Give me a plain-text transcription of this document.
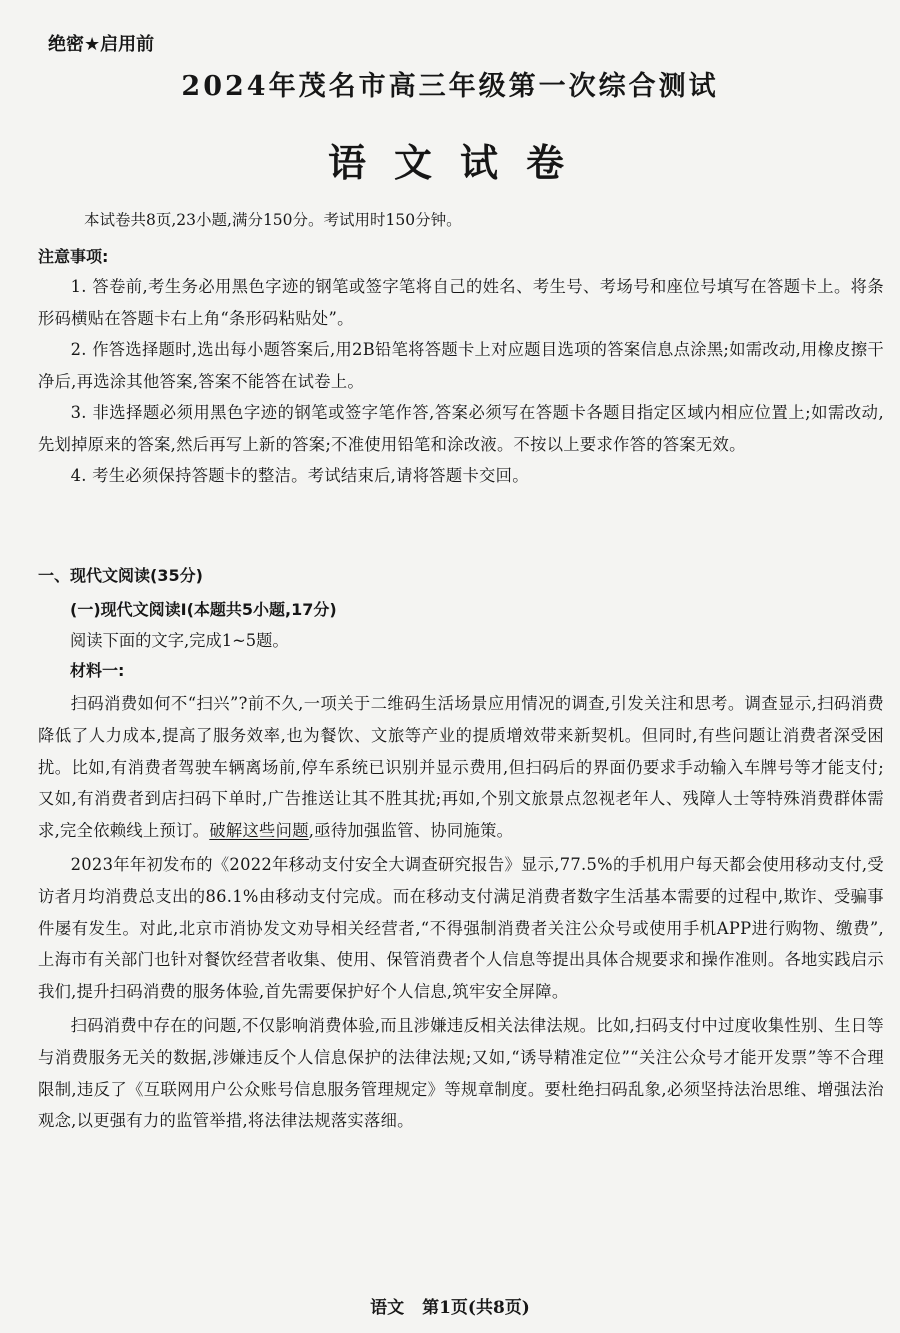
绝密★启用前
2024年茂名市高三年级第一次综合测试
语文试卷
本试卷共8页,23小题,满分150分。考试用时150分钟。
注意事项:

1. 答卷前,考生务必用黑色字迹的钢笔或签字笔将自己的姓名、考生号、考场号和座位号填写在答题卡上。将条形码横贴在答题卡右上角“条形码粘贴处”。

2. 作答选择题时,选出每小题答案后,用2B铅笔将答题卡上对应题目选项的答案信息点涂黑;如需改动,用橡皮擦干净后,再选涂其他答案,答案不能答在试卷上。

3. 非选择题必须用黑色字迹的钢笔或签字笔作答,答案必须写在答题卡各题目指定区域内相应位置上;如需改动,先划掉原来的答案,然后再写上新的答案;不准使用铅笔和涂改液。不按以上要求作答的答案无效。

4. 考生必须保持答题卡的整洁。考试结束后,请将答题卡交回。

一、现代文阅读(35分)
(一)现代文阅读Ⅰ(本题共5小题,17分)
阅读下面的文字,完成1~5题。
材料一:

扫码消费如何不“扫兴”?前不久,一项关于二维码生活场景应用情况的调查,引发关注和思考。调查显示,扫码消费降低了人力成本,提高了服务效率,也为餐饮、文旅等产业的提质增效带来新契机。但同时,有些问题让消费者深受困扰。比如,有消费者驾驶车辆离场前,停车系统已识别并显示费用,但扫码后的界面仍要求手动输入车牌号等才能支付;又如,有消费者到店扫码下单时,广告推送让其不胜其扰;再如,个别文旅景点忽视老年人、残障人士等特殊消费群体需求,完全依赖线上预订。破解这些问题,亟待加强监管、协同施策。

2023年年初发布的《2022年移动支付安全大调查研究报告》显示,77.5%的手机用户每天都会使用移动支付,受访者月均消费总支出的86.1%由移动支付完成。而在移动支付满足消费者数字生活基本需要的过程中,欺诈、受骗事件屡有发生。对此,北京市消协发文劝导相关经营者,“不得强制消费者关注公众号或使用手机APP进行购物、缴费”,上海市有关部门也针对餐饮经营者收集、使用、保管消费者个人信息等提出具体合规要求和操作准则。各地实践启示我们,提升扫码消费的服务体验,首先需要保护好个人信息,筑牢安全屏障。

扫码消费中存在的问题,不仅影响消费体验,而且涉嫌违反相关法律法规。比如,扫码支付中过度收集性别、生日等与消费服务无关的数据,涉嫌违反个人信息保护的法律法规;又如,“诱导精准定位”“关注公众号才能开发票”等不合理限制,违反了《互联网用户公众账号信息服务管理规定》等规章制度。要杜绝扫码乱象,必须坚持法治思维、增强法治观念,以更强有力的监管举措,将法律法规落实落细。

语文 第1页(共8页)
